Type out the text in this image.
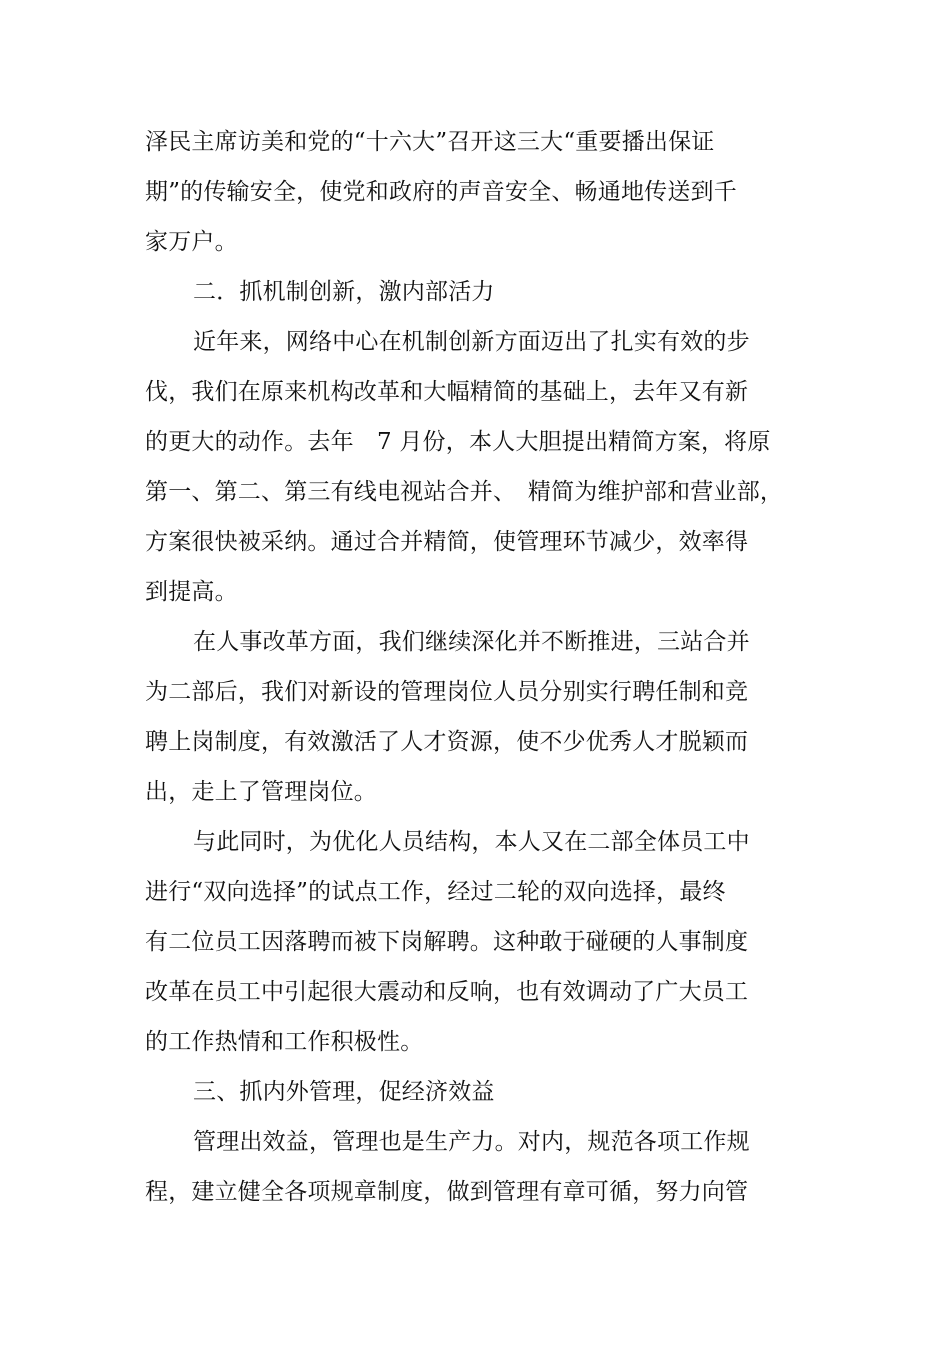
泽民主席访美和党的“十六大”召开这三大“重要播出保证
期”的传输安全，使党和政府的声音安全、畅通地传送到千
家万户。
二．抓机制创新，激内部活力
近年来，网络中心在机制创新方面迈出了扎实有效的步
伐，我们在原来机构改革和大幅精简的基础上，去年又有新
的更大的动作。去年　7 月份，本人大胆提出精简方案，将原
第一、第二、第三有线电视站合并、　精简为维护部和营业部，
方案很快被采纳。通过合并精简，使管理环节减少，效率得
到提高。
在人事改革方面，我们继续深化并不断推进，三站合并
为二部后，我们对新设的管理岗位人员分别实行聘任制和竞
聘上岗制度，有效激活了人才资源，使不少优秀人才脱颖而
出，走上了管理岗位。
与此同时，为优化人员结构，本人又在二部全体员工中
进行“双向选择”的试点工作，经过二轮的双向选择，最终
有二位员工因落聘而被下岗解聘。这种敢于碰硬的人事制度
改革在员工中引起很大震动和反响，也有效调动了广大员工
的工作热情和工作积极性。
三、抓内外管理，促经济效益
管理出效益，管理也是生产力。对内，规范各项工作规
程，建立健全各项规章制度，做到管理有章可循，努力向管
